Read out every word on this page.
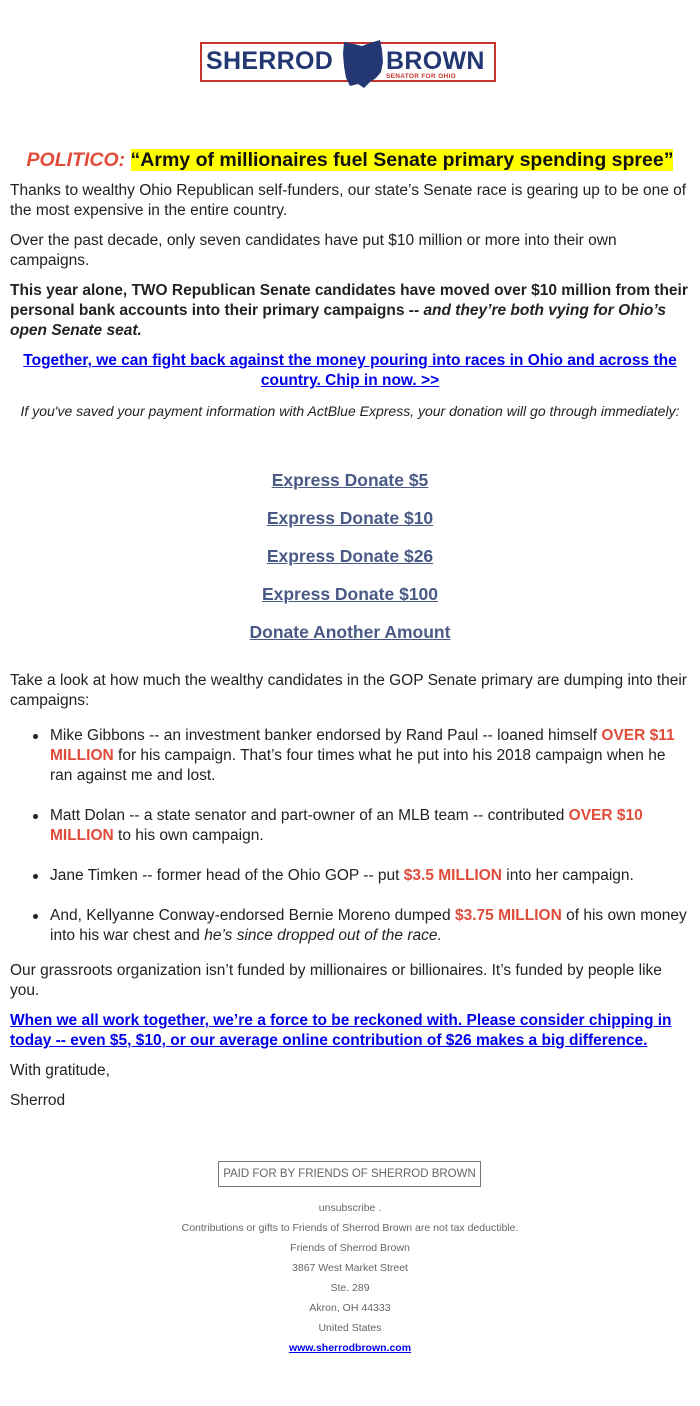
SHERROD BROWN
SENATOR FOR OHIO
POLITICO: “Army of millionaires fuel Senate primary spending spree”

Thanks to wealthy Ohio Republican self-funders, our state’s Senate race is gearing up to be one of the most expensive in the entire country.

Over the past decade, only seven candidates have put $10 million or more into their own campaigns.

This year alone, TWO Republican Senate candidates have moved over $10 million from their personal bank accounts into their primary campaigns -- and they’re both vying for Ohio’s open Senate seat.

Together, we can fight back against the money pouring into races in Ohio and across the country. Chip in now. >>

If you've saved your payment information with ActBlue Express, your donation will go through immediately:

Express Donate $5
Express Donate $10
Express Donate $26
Express Donate $100
Donate Another Amount

Take a look at how much the wealthy candidates in the GOP Senate primary are dumping into their campaigns:

Mike Gibbons -- an investment banker endorsed by Rand Paul -- loaned himself OVER $11 MILLION for his campaign. That’s four times what he put into his 2018 campaign when he ran against me and lost.
Matt Dolan -- a state senator and part-owner of an MLB team -- contributed OVER $10 MILLION to his own campaign.
Jane Timken -- former head of the Ohio GOP -- put $3.5 MILLION into her campaign.
And, Kellyanne Conway-endorsed Bernie Moreno dumped $3.75 MILLION of his own money into his war chest and he’s since dropped out of the race.

Our grassroots organization isn’t funded by millionaires or billionaires. It’s funded by people like you.

When we all work together, we’re a force to be reckoned with. Please consider chipping in today -- even $5, $10, or our average online contribution of $26 makes a big difference.

With gratitude,

Sherrod

PAID FOR BY FRIENDS OF SHERROD BROWN
unsubscribe .
Contributions or gifts to Friends of Sherrod Brown are not tax deductible.
Friends of Sherrod Brown
3867 West Market Street
Ste. 289
Akron, OH 44333
United States
www.sherrodbrown.com
